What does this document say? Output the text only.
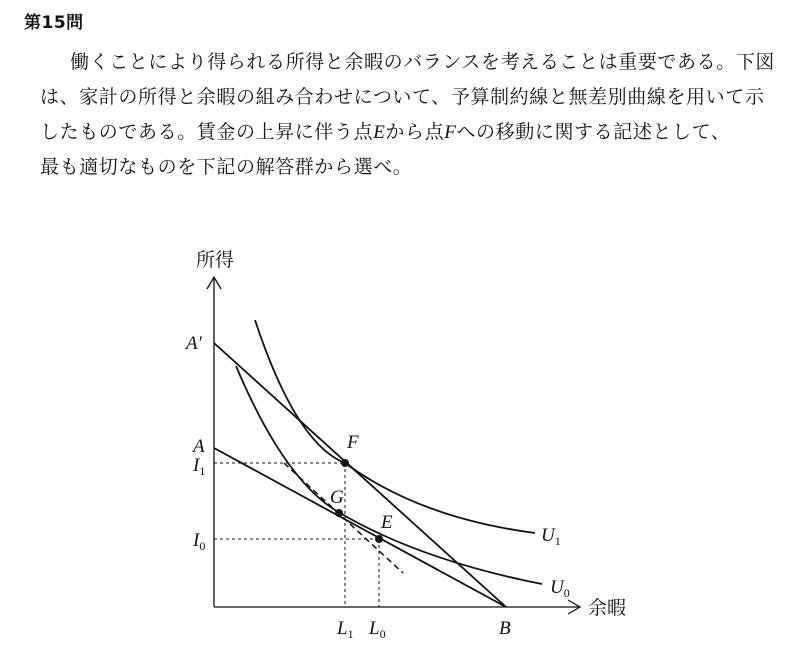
第15問
働くことにより得られる所得と余暇のバランスを考えることは重要である。下図
は、家計の所得と余暇の組み合わせについて、予算制約線と無差別曲線を用いて示
したものである。賃金の上昇に伴う点Eから点Fへの移動に関する記述として、
最も適切なものを下記の解答群から選べ。
所得
余暇
A′
A
$I_1$
$I_0$
F
G
E
$L_1$ $L_0$	B
$U_1$
$U_0$
